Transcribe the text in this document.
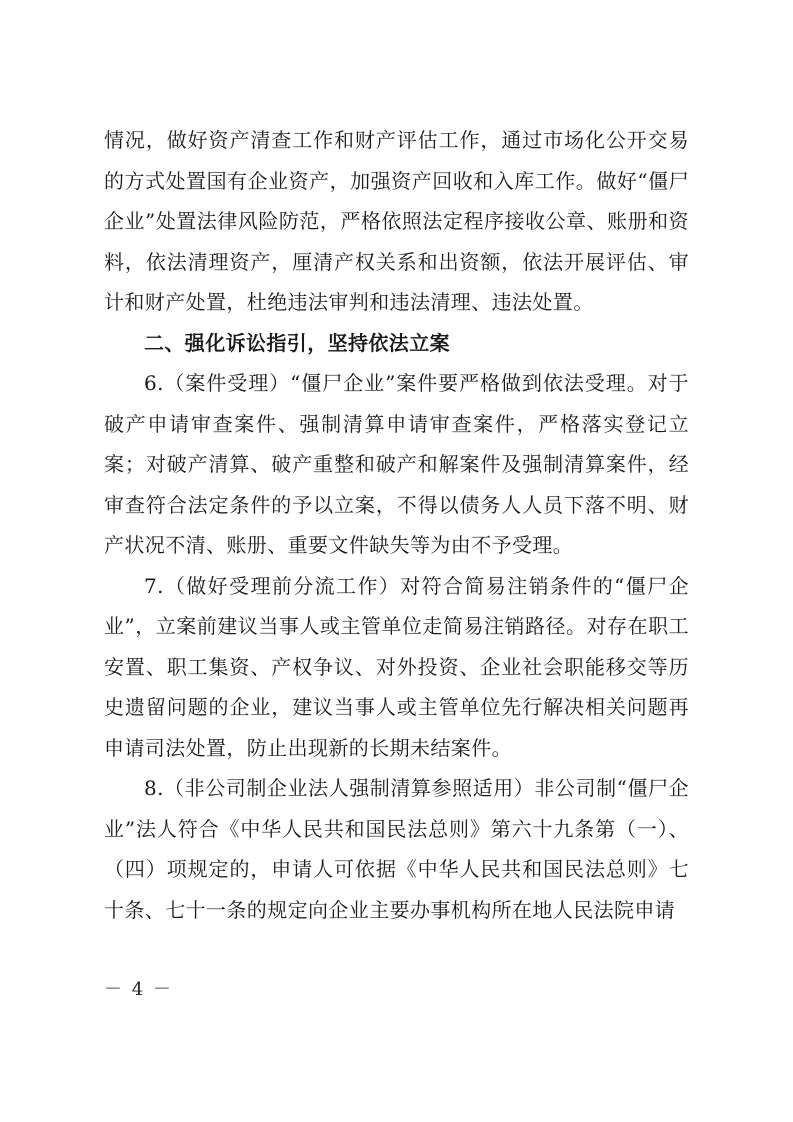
情况，做好资产清查工作和财产评估工作，通过市场化公开交易的方式处置国有企业资产，加强资产回收和入库工作。做好“僵尸企业”处置法律风险防范，严格依照法定程序接收公章、账册和资料，依法清理资产，厘清产权关系和出资额，依法开展评估、审计和财产处置，杜绝违法审判和违法清理、违法处置。

二、强化诉讼指引，坚持依法立案

6.（案件受理）“僵尸企业”案件要严格做到依法受理。对于破产申请审查案件、强制清算申请审查案件，严格落实登记立案；对破产清算、破产重整和破产和解案件及强制清算案件，经审查符合法定条件的予以立案，不得以债务人人员下落不明、财产状况不清、账册、重要文件缺失等为由不予受理。

7.（做好受理前分流工作）对符合简易注销条件的“僵尸企业”，立案前建议当事人或主管单位走简易注销路径。对存在职工安置、职工集资、产权争议、对外投资、企业社会职能移交等历史遗留问题的企业，建议当事人或主管单位先行解决相关问题再申请司法处置，防止出现新的长期未结案件。

8.（非公司制企业法人强制清算参照适用）非公司制“僵尸企业”法人符合《中华人民共和国民法总则》第六十九条第（一）、（四）项规定的，申请人可依据《中华人民共和国民法总则》七十条、七十一条的规定向企业主要办事机构所在地人民法院申请

－ 4 －
